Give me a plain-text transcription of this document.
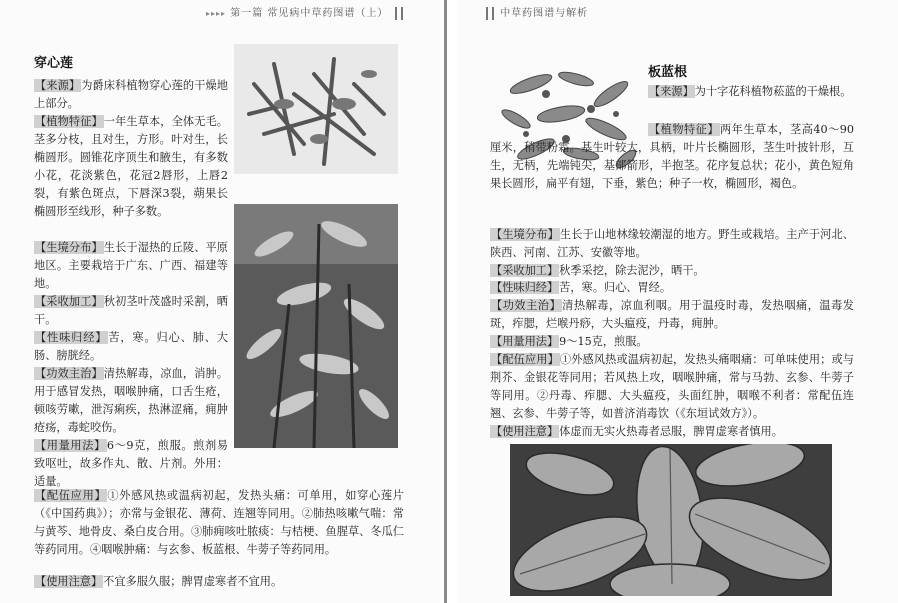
▸▸▸▸ 第一篇 常见病中草药图谱（上）
穿心莲

【来源】为爵床科植物穿心莲的干燥地上部分。

【植物特征】一年生草本，全体无毛。茎多分枝，且对生，方形。叶对生，长椭圆形。圆锥花序顶生和腋生，有多数小花，花淡紫色，花冠2唇形，上唇2裂，有紫色斑点，下唇深3裂，蒴果长椭圆形至线形，种子多数。

【生境分布】生长于湿热的丘陵、平原地区。主要栽培于广东、广西、福建等地。

【采收加工】秋初茎叶茂盛时采割，晒干。

【性味归经】苦，寒。归心、肺、大肠、膀胱经。

【功效主治】清热解毒，凉血，消肿。用于感冒发热，咽喉肿痛，口舌生疮，顿咳劳嗽，泄泻痢疾，热淋涩痛，痈肿疮疡，毒蛇咬伤。

【用量用法】6～9克，煎服。煎剂易致呕吐，故多作丸、散、片剂。外用：适量。

【配伍应用】①外感风热或温病初起，发热头痛：可单用，如穿心莲片（《中国药典》）；亦常与金银花、薄荷、连翘等同用。②肺热咳嗽气喘：常与黄芩、地骨皮、桑白皮合用。③肺痈咳吐脓痰：与桔梗、鱼腥草、冬瓜仁等药同用。④咽喉肿痛：与玄参、板蓝根、牛蒡子等药同用。

【使用注意】不宜多服久服；脾胃虚寒者不宜用。

中草药图谱与解析
板蓝根

【来源】为十字花科植物菘蓝的干燥根。

【植物特征】两年生草本，茎高40～90厘米，稍带粉霜。基生叶较大，具柄，叶片长椭圆形，茎生叶披针形，互生，无柄，先端钝尖，基部箭形，半抱茎。花序复总状；花小，黄色短角果长圆形，扁平有翅，下垂，紫色；种子一枚，椭圆形，褐色。

【生境分布】生长于山地林缘较潮湿的地方。野生或栽培。主产于河北、陕西、河南、江苏、安徽等地。

【采收加工】秋季采挖，除去泥沙，晒干。

【性味归经】苦，寒。归心、胃经。

【功效主治】清热解毒，凉血利咽。用于温疫时毒，发热咽痛，温毒发斑，痄腮，烂喉丹痧，大头瘟疫，丹毒，痈肿。

【用量用法】9～15克，煎服。

【配伍应用】①外感风热或温病初起，发热头痛咽痛：可单味使用；或与荆芥、金银花等同用；若风热上攻，咽喉肿痛，常与马勃、玄参、牛蒡子等同用。②丹毒、痄腮、大头瘟疫，头面红肿，咽喉不利者：常配伍连翘、玄参、牛蒡子等，如普济消毒饮（《东垣试效方》）。

【使用注意】体虚而无实火热毒者忌服，脾胃虚寒者慎用。
